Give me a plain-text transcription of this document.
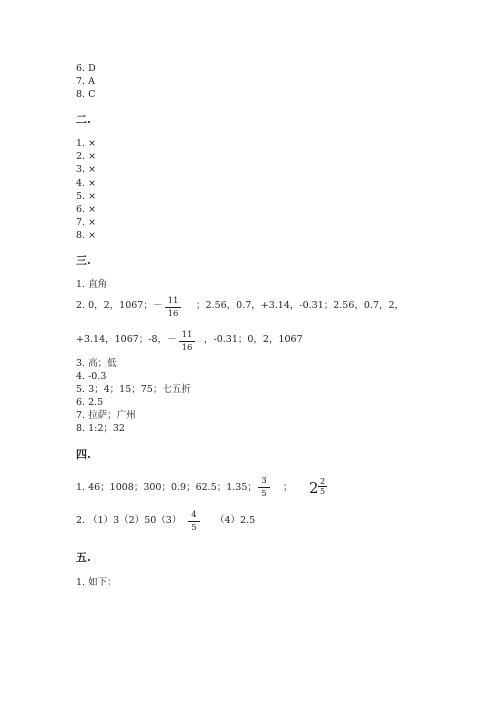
6. D
7. A
8. C
二.
1. ×
2. ×
3. ×
4. ×
5. ×
6. ×
7. ×
8. ×
三.
1. 直角
2. 0，2，1067；－ $\frac{11}{16}$ ；2.56，0.7，+3.14，-0.31；2.56，0.7，2，
+3.14，1067；-8，－ $\frac{11}{16}$ ，-0.31；0，2，1067
3. 高；低
4. -0.3
5. 3；4；15；75；七五折
6. 2.5
7. 拉萨；广州
8. 1:2；32
四.
1. 46；1008；300；0.9；62.5；1.35； $\frac{3}{5}$ ； $2 \frac{2}{5}$
2. $(1)3(2)50(3) \frac{4}{5} (4)2.5$
五.
1. 如下：
